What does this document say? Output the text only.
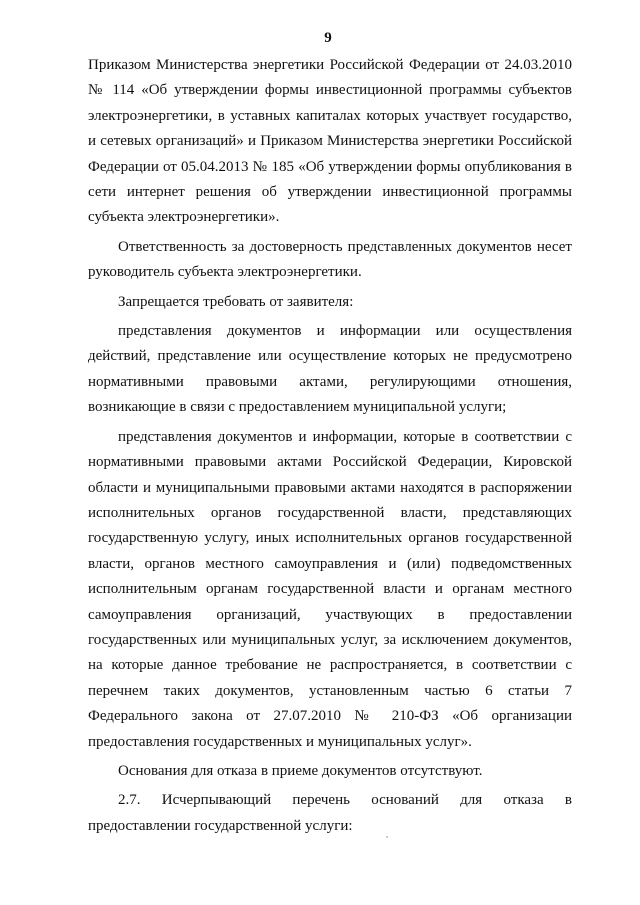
9

Приказом Министерства энергетики Российской Федерации от 24.03.2010 № 114 «Об утверждении формы инвестиционной программы субъектов электроэнергетики, в уставных капиталах которых участвует государство, и сетевых организаций» и Приказом Министерства энергетики Российской Федерации от 05.04.2013 № 185 «Об утверждении формы опубликования в сети интернет решения об утверждении инвестиционной программы субъекта электроэнергетики».

Ответственность за достоверность представленных документов несет руководитель субъекта электроэнергетики.

Запрещается требовать от заявителя:

представления документов и информации или осуществления действий, представление или осуществление которых не предусмотрено нормативными правовыми актами, регулирующими отношения, возникающие в связи с предоставлением муниципальной услуги;

представления документов и информации, которые в соответствии с нормативными правовыми актами Российской Федерации, Кировской области и муниципальными правовыми актами находятся в распоряжении исполнительных органов государственной власти, представляющих государственную услугу, иных исполнительных органов государственной власти, органов местного самоуправления и (или) подведомственных исполнительным органам государственной власти и органам местного самоуправления организаций, участвующих в предоставлении государственных или муниципальных услуг, за исключением документов, на которые данное требование не распространяется, в соответствии с перечнем таких документов, установленным частью 6 статьи 7 Федерального закона от 27.07.2010 № 210-ФЗ «Об организации предоставления государственных и муниципальных услуг».

Основания для отказа в приеме документов отсутствуют.

2.7. Исчерпывающий перечень оснований для отказа в предоставлении государственной услуги:
